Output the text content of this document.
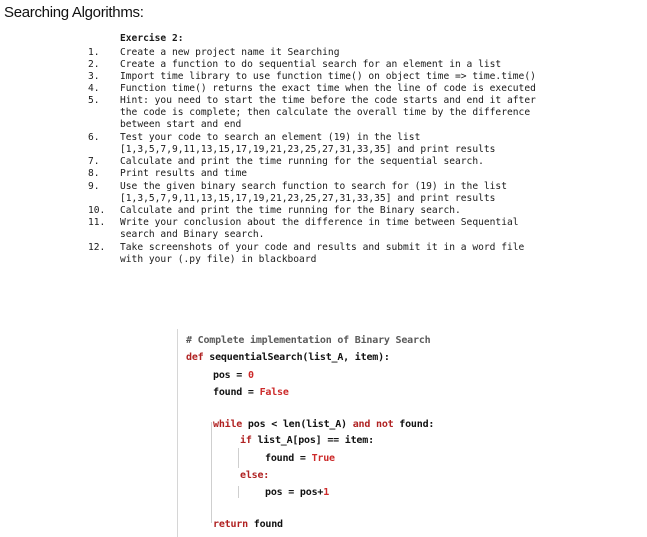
Searching Algorithms:
Exercise 2:
1. Create a new project name it Searching
2. Create a function to do sequential search for an element in a list
3. Import time library to use function time() on object time => time.time()
4. Function time() returns the exact time when the line of code is executed
5. Hint: you need to start the time before the code starts and end it after
the code is complete; then calculate the overall time by the difference
between start and end
6. Test your code to search an element (19) in the list
[1,3,5,7,9,11,13,15,17,19,21,23,25,27,31,33,35] and print results
7. Calculate and print the time running for the sequential search.
8. Print results and time
9. Use the given binary search function to search for (19) in the list
[1,3,5,7,9,11,13,15,17,19,21,23,25,27,31,33,35] and print results
10. Calculate and print the time running for the Binary search.
11. Write your conclusion about the difference in time between Sequential
search and Binary search.
12. Take screenshots of your code and results and submit it in a word file
with your (.py file) in blackboard
# Complete implementation of Binary Search
def sequentialSearch(list_A, item):
pos = 0
found = False
while pos < len(list_A) and not found:
if list_A[pos] == item:
found = True
else:
pos = pos+1
return found
